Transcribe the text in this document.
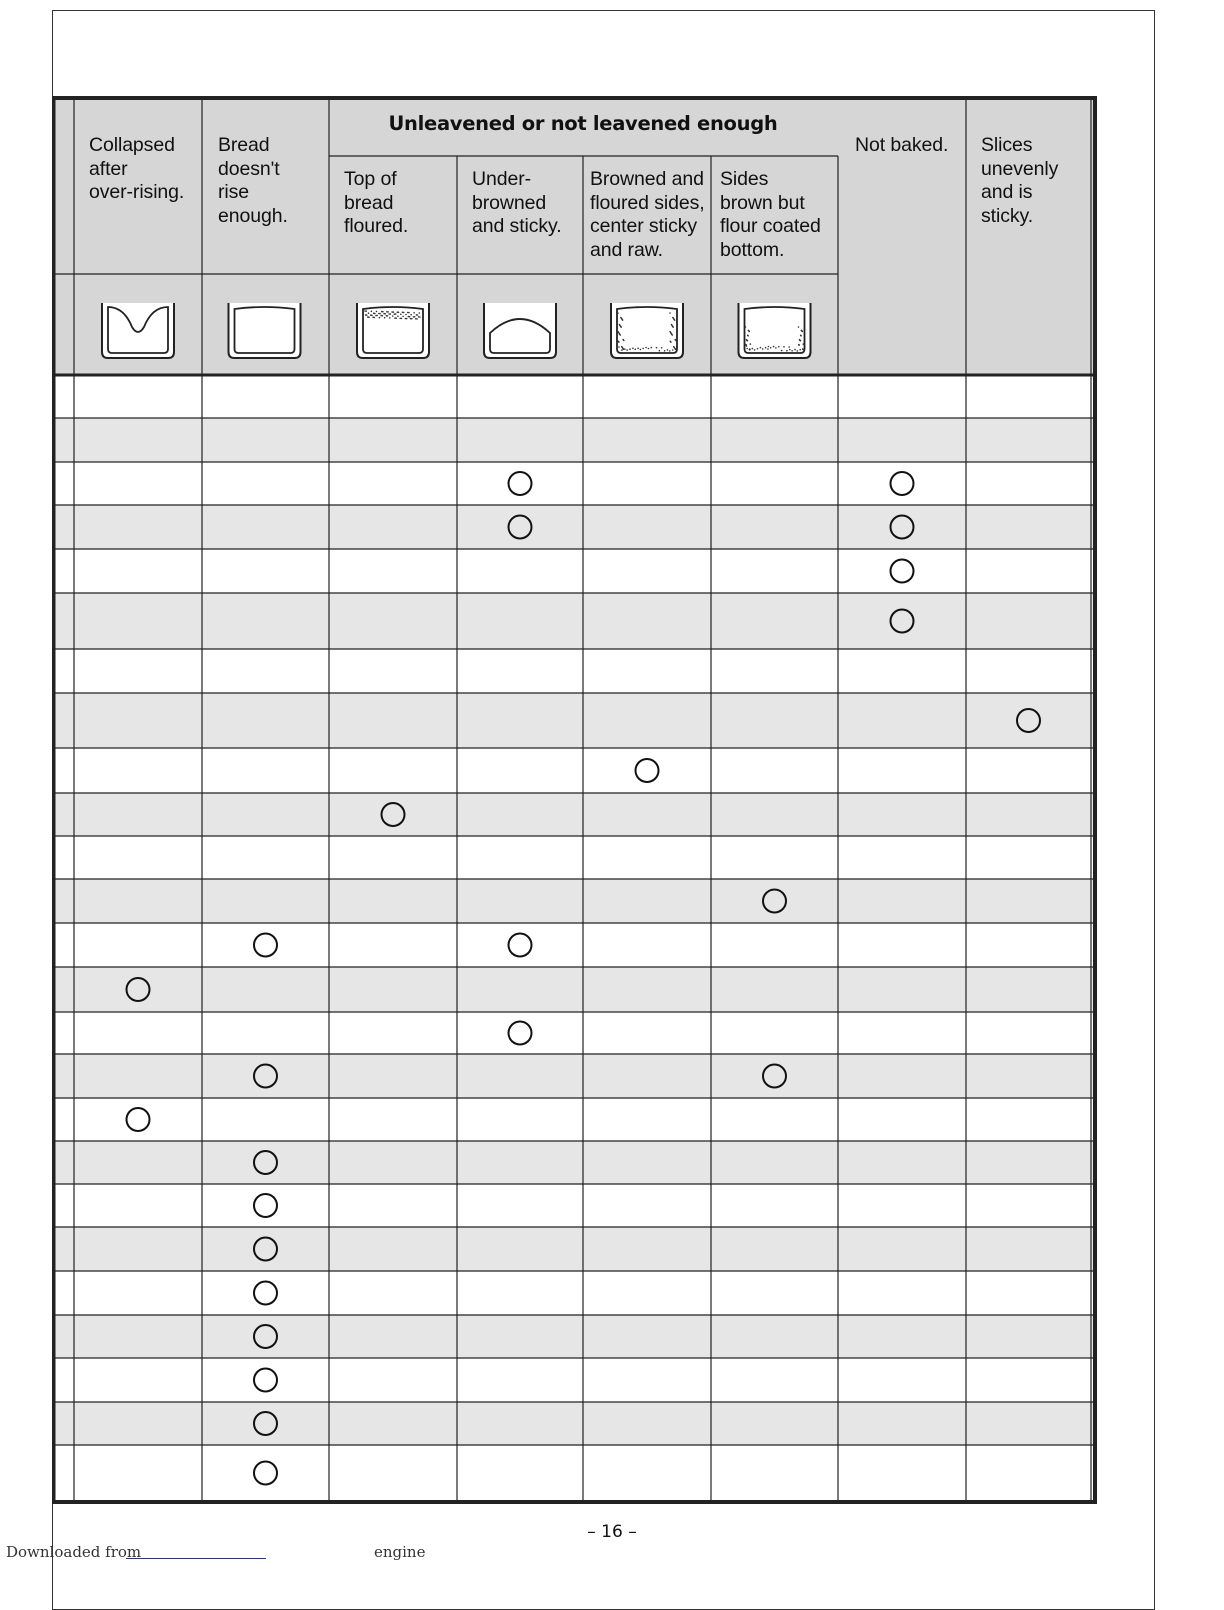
Unleavened or not leavened enough
Collapsed
after
over-rising.
Bread
doesn't
rise
enough.
Top of
bread
floured.
Under-
browned
and sticky.
Browned and
floured sides,
center sticky
and raw.
Sides
brown but
flour coated
bottom.
Not baked. Slices
unevenly
and is
sticky.
– 16 –
Downloaded from	engine
